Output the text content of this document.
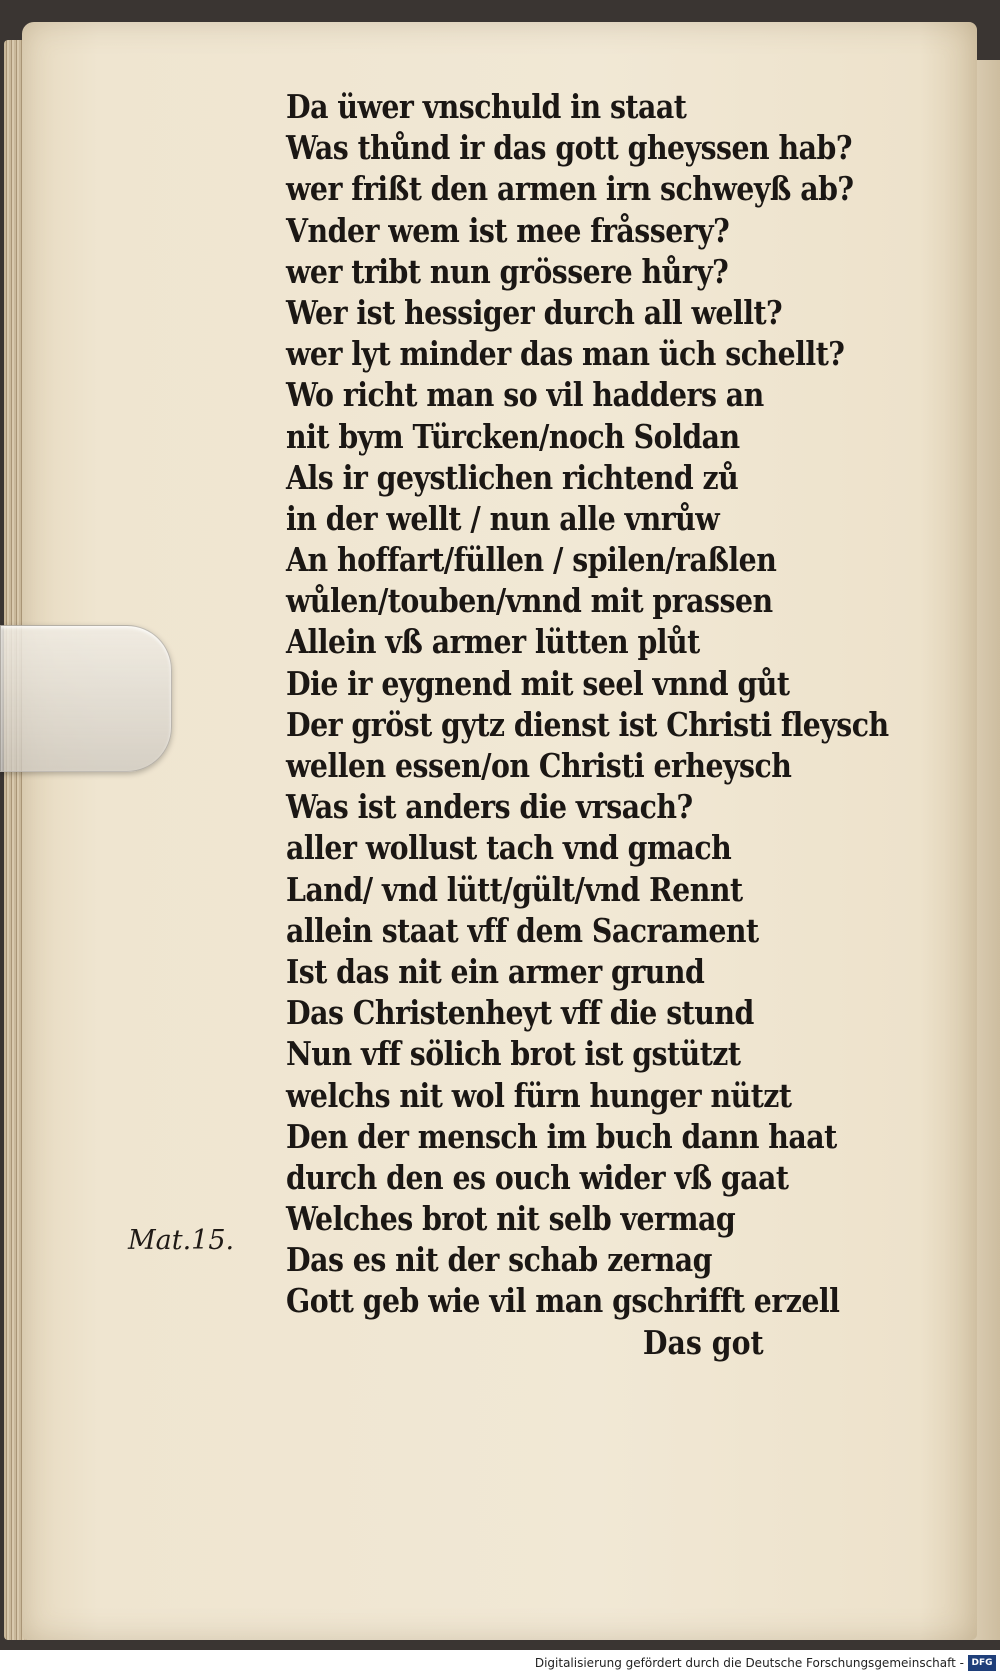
Da üwer vnschuld in staat
Was thůnd ir das gott gheyssen hab?
wer frißt den armen irn schweyß ab?
Vnder wem ist mee fråssery?
wer tribt nun grössere hůry?
Wer ist hessiger durch all wellt?
wer lyt minder das man üch schellt?
Wo richt man so vil hadders an
nit bym Türcken/noch Soldan
Als ir geystlichen richtend zů
in der wellt / nun alle vnrůw
An hoffart/füllen / spilen/raßlen
wůlen/touben/vnnd mit prassen
Allein vß armer lütten plůt
Die ir eygnend mit seel vnnd gůt
Der gröst gytz dienst ist Christi fleysch
wellen essen/on Christi erheysch
Was ist anders die vrsach?
aller wollust tach vnd gmach
Land/ vnd lütt/gült/vnd Rennt
allein staat vff dem Sacrament
Ist das nit ein armer grund
Das Christenheyt vff die stund
Nun vff sölich brot ist gstützt
welchs nit wol fürn hunger nützt
Den der mensch im buch dann haat
durch den es ouch wider vß gaat
Welches brot nit selb vermag
Das es nit der schab zernag
Gott geb wie vil man gschrifft erzell
Das got
Mat.15.
Digitalisierung gefördert durch die Deutsche Forschungsgemeinschaft - DFG
